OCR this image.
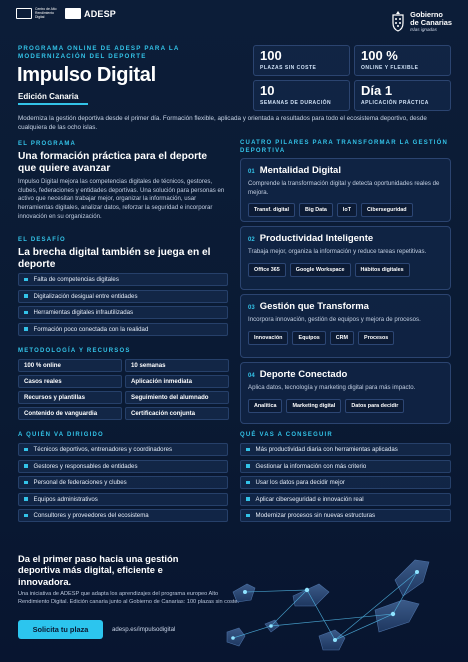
Centro de Alto Rendimiento Digital	ADESP	Gobierno
de Canarias
Islas ignadas
PROGRAMA ONLINE DE ADESP PARA LA MODERNIZACIÓN DEL DEPORTE
Impulso Digital
Edición Canaria
100
PLAZAS SIN COSTE
100 %
ONLINE Y FLEXIBLE
10
SEMANAS DE DURACIÓN
Día 1
APLICACIÓN PRÁCTICA
Moderniza la gestión deportiva desde el primer día. Formación flexible, aplicada y orientada a resultados para todo el ecosistema deportivo, desde cualquiera de las ocho islas.
EL PROGRAMA
Una formación práctica para el deporte que quiere avanzar
Impulso Digital mejora las competencias digitales de técnicos, gestores, clubes, federaciones y entidades deportivas. Una solución para personas en activo que necesitan trabajar mejor, organizar la información, usar herramientas digitales, analizar datos, reforzar la seguridad e incorporar innovación en su organización.
EL DESAFÍO
La brecha digital también se juega en el deporte
Falta de competencias digitales
Digitalización desigual entre entidades
Herramientas digitales infrautilizadas
Formación poco conectada con la realidad
METODOLOGÍA Y RECURSOS
100 % online	10 semanas
Casos reales	Aplicación inmediata
Recursos y plantillas	Seguimiento del alumnado
Contenido de vanguardia	Certificación conjunta
CUATRO PILARES PARA TRANSFORMAR LA GESTIÓN DEPORTIVA
01 Mentalidad Digital
Comprende la transformación digital y detecta oportunidades reales de mejora.
Transf. digital	Big Data	IoT	Ciberseguridad
02 Productividad Inteligente
Trabaja mejor, organiza la información y reduce tareas repetitivas.
Office 365	Google Workspace	Hábitos digitales
03 Gestión que Transforma
Incorpora innovación, gestión de equipos y mejora de procesos.
Innovación	Equipos	CRM	Procesos
04 Deporte Conectado
Aplica datos, tecnología y marketing digital para más impacto.
Analítica	Marketing digital	Datos para decidir
A QUIÉN VA DIRIGIDO
Técnicos deportivos, entrenadores y coordinadores
Gestores y responsables de entidades
Personal de federaciones y clubes
Equipos administrativos
Consultores y proveedores del ecosistema
QUÉ VAS A CONSEGUIR
Más productividad diaria con herramientas aplicadas
Gestionar la información con más criterio
Usar los datos para decidir mejor
Aplicar ciberseguridad e innovación real
Modernizar procesos sin nuevas estructuras
Da el primer paso hacia una gestión deportiva más digital, eficiente e innovadora.
Una iniciativa de ADESP que adapta los aprendizajes del programa europeo Alto Rendimiento Digital. Edición canaria junto al Gobierno de Canarias: 100 plazas sin coste.
Solicita tu plaza	adesp.es/impulsodigital
